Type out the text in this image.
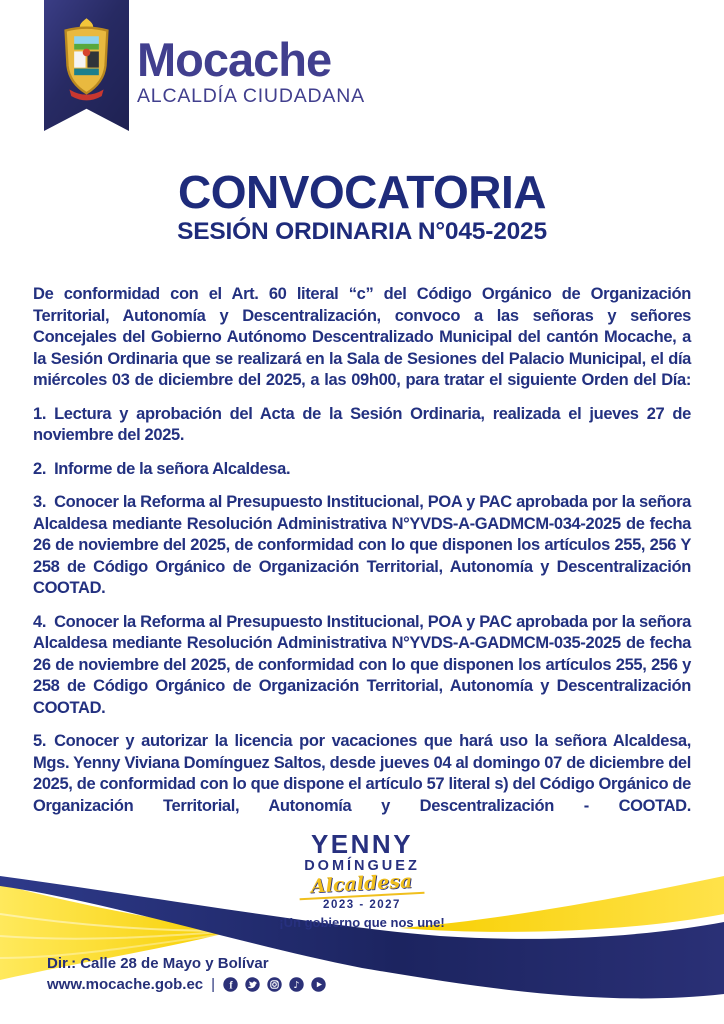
Mocache
ALCALDÍA CIUDADANA
CONVOCATORIA
SESIÓN ORDINARIA N°045-2025

De conformidad con el Art. 60 literal “c” del Código Orgánico de Organización Territorial, Autonomía y Descentralización, convoco a las señoras y señores Concejales del Gobierno Autónomo Descentralizado Municipal del cantón Mocache, a la Sesión Ordinaria que se realizará en la Sala de Sesiones del Palacio Municipal, el día miércoles 03 de diciembre del 2025, a las 09h00, para tratar el siguiente Orden del Día:

1. Lectura y aprobación del Acta de la Sesión Ordinaria, realizada el jueves 27 de noviembre del 2025.

2. Informe de la señora Alcaldesa.

3. Conocer la Reforma al Presupuesto Institucional, POA y PAC aprobada por la señora Alcaldesa mediante Resolución Administrativa N°YVDS-A-GADMCM-034-2025 de fecha 26 de noviembre del 2025, de conformidad con lo que disponen los artículos 255, 256 Y 258 de Código Orgánico de Organización Territorial, Autonomía y Descentralización COOTAD.

4. Conocer la Reforma al Presupuesto Institucional, POA y PAC aprobada por la señora Alcaldesa mediante Resolución Administrativa N°YVDS-A-GADMCM-035-2025 de fecha 26 de noviembre del 2025, de conformidad con lo que disponen los artículos 255, 256 y 258 de Código Orgánico de Organización Territorial, Autonomía y Descentralización COOTAD.

5. Conocer y autorizar la licencia por vacaciones que hará uso la señora Alcaldesa, Mgs. Yenny Viviana Domínguez Saltos, desde jueves 04 al domingo 07 de diciembre del 2025, de conformidad con lo que dispone el artículo 57 literal s) del Código Orgánico de Organización Territorial, Autonomía y Descentralización - COOTAD.

YENNY
DOMÍNGUEZ
Alcaldesa
2023 - 2027
¡Un gobierno que nos une!
Dir.: Calle 28 de Mayo y Bolívar
www.mocache.gob.ec | f	♪
